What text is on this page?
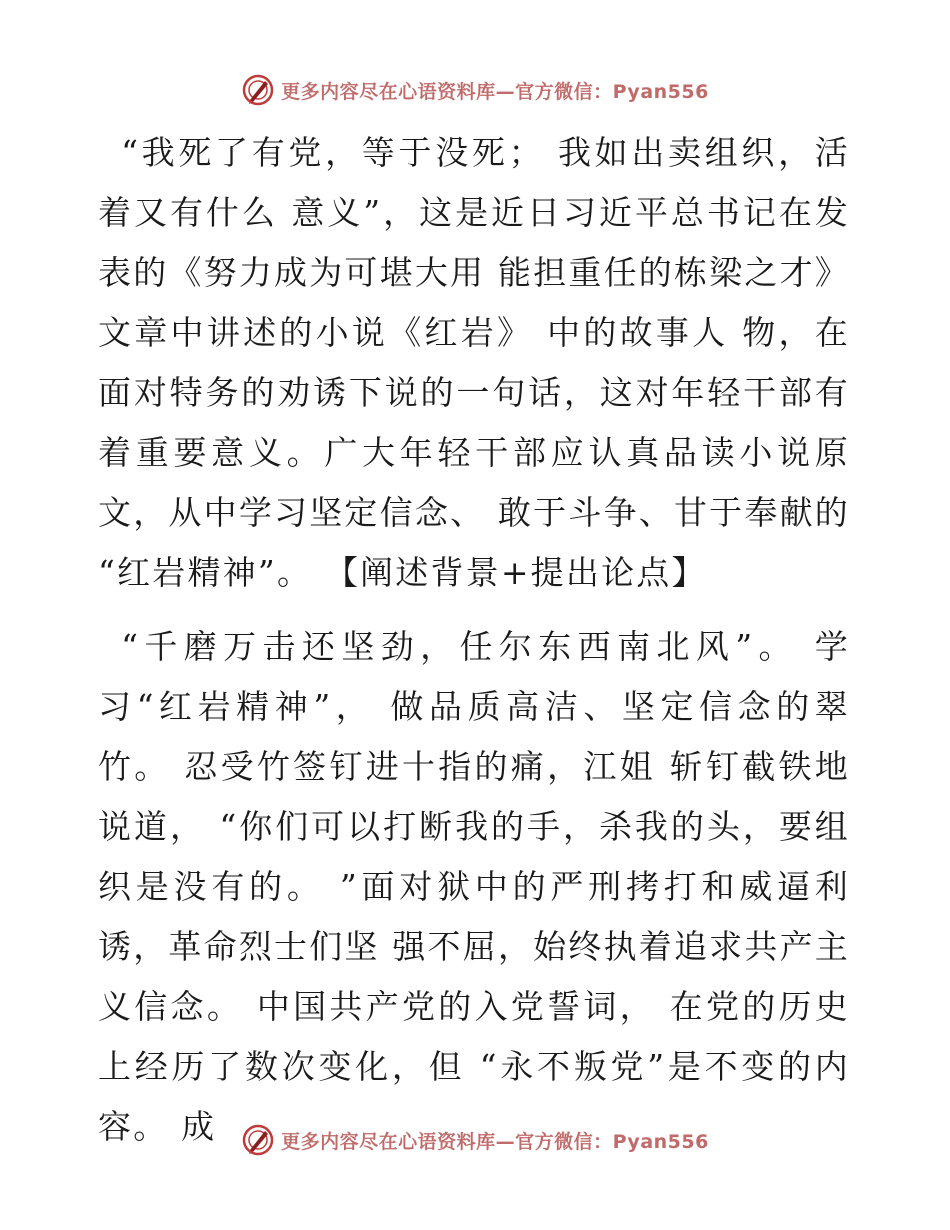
更多内容尽在心语资料库—官方微信：Pyan556

“我死了有党，等于没死； 我如出卖组织，活着又有什么 意义”，这是近日习近平总书记在发表的《努力成为可堪大用 能担重任的栋梁之才》 文章中讲述的小说《红岩》 中的故事人 物，在面对特务的劝诱下说的一句话，这对年轻干部有着重要意义。广大年轻干部应认真品读小说原文，从中学习坚定信念、 敢于斗争、甘于奉献的 “红岩精神”。 【阐述背景+提出论点】

“千磨万击还坚劲，任尔东西南北风”。 学习“红岩精神”， 做品质高洁、坚定信念的翠竹。 忍受竹签钉进十指的痛，江姐 斩钉截铁地说道， “你们可以打断我的手，杀我的头，要组织是没有的。 ”面对狱中的严刑拷打和威逼利诱，革命烈士们坚 强不屈，始终执着追求共产主义信念。 中国共产党的入党誓词， 在党的历史上经历了数次变化，但 “永不叛党”是不变的内容。 成	更多内容尽在心语资料库—官方微信：Pyan556
